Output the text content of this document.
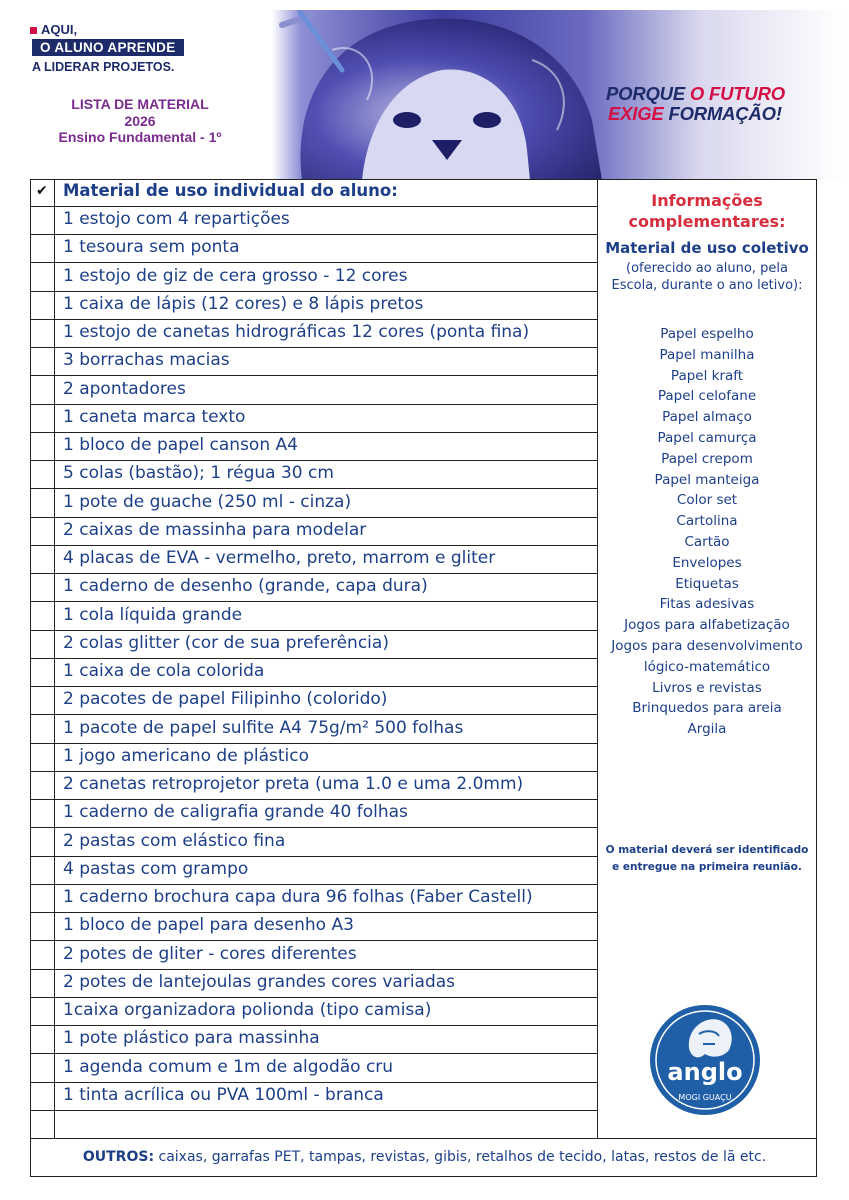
AQUI,
O ALUNO APRENDE
A LIDERAR PROJETOS.
LISTA DE MATERIAL
2026
Ensino Fundamental - 1º
PORQUE O FUTURO
EXIGE FORMAÇÃO!
✔ Material de uso individual do aluno:
1 estojo com 4 repartições
1 tesoura sem ponta
1 estojo de giz de cera grosso - 12 cores
1 caixa de lápis (12 cores) e 8 lápis pretos
1 estojo de canetas hidrográficas 12 cores (ponta fina)
3 borrachas macias
2 apontadores
1 caneta marca texto
1 bloco de papel canson A4
5 colas (bastão); 1 régua 30 cm
1 pote de guache (250 ml - cinza)
2 caixas de massinha para modelar
4 placas de EVA - vermelho, preto, marrom e gliter
1 caderno de desenho (grande, capa dura)
1 cola líquida grande
2 colas glitter (cor de sua preferência)
1 caixa de cola colorida
2 pacotes de papel Filipinho (colorido)
1 pacote de papel sulfite A4 75g/m² 500 folhas
1 jogo americano de plástico
2 canetas retroprojetor preta (uma 1.0 e uma 2.0mm)
1 caderno de caligrafia grande 40 folhas
2 pastas com elástico fina
4 pastas com grampo
1 caderno brochura capa dura 96 folhas (Faber Castell)
1 bloco de papel para desenho A3
2 potes de gliter - cores diferentes
2 potes de lantejoulas grandes cores variadas
1caixa organizadora polionda (tipo camisa)
1 pote plástico para massinha
1 agenda comum e 1m de algodão cru
1 tinta acrílica ou PVA 100ml - branca
Informações
complementares:
Material de uso coletivo
(oferecido ao aluno, pela
Escola, durante o ano letivo):
Papel espelho
Papel manilha
Papel kraft
Papel celofane
Papel almaço
Papel camurça
Papel crepom
Papel manteiga
Color set
Cartolina
Cartão
Envelopes
Etiquetas
Fitas adesivas
Jogos para alfabetização
Jogos para desenvolvimento
lógico-matemático
Livros e revistas
Brinquedos para areia
Argila
O material deverá ser identificado
e entregue na primeira reunião.
anglo
MOGI GUAÇU
OUTROS: caixas, garrafas PET, tampas, revistas, gibis, retalhos de tecido, latas, restos de lã etc.
